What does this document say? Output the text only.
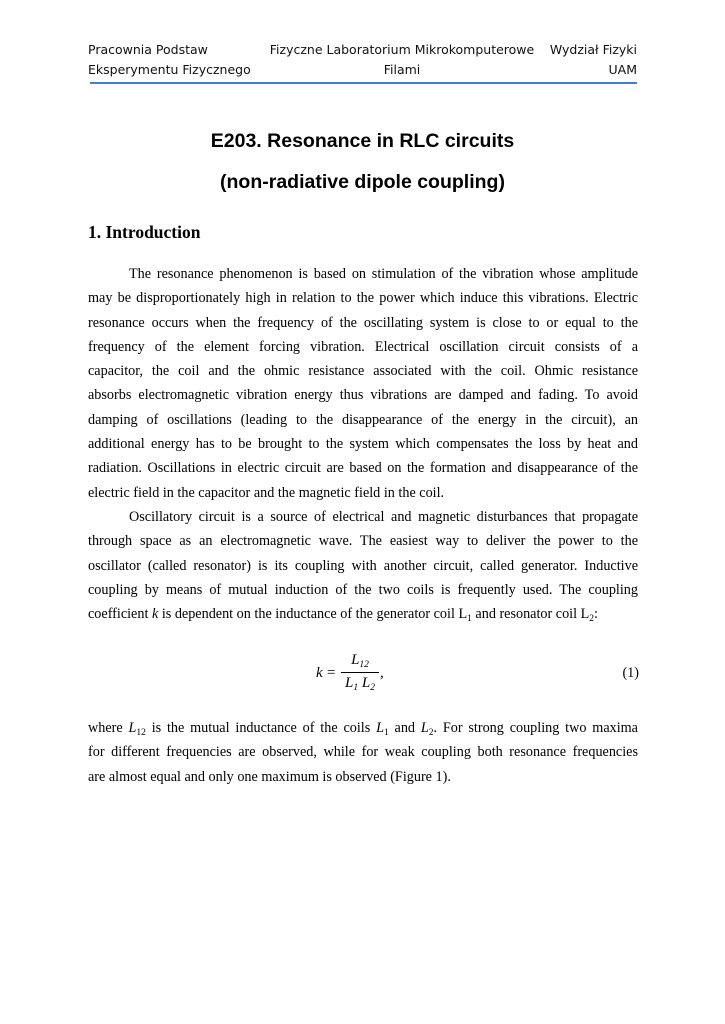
Pracownia Podstaw
Eksperymentu Fizycznego
Fizyczne Laboratorium Mikrokomputerowe
Filami
Wydział Fizyki
UAM
E203. Resonance in RLC circuits
(non-radiative dipole coupling)
1. Introduction
The resonance phenomenon is based on stimulation of the vibration whose amplitude
may be disproportionately high in relation to the power which induce this vibrations. Electric
resonance occurs when the frequency of the oscillating system is close to or equal to the
frequency of the element forcing vibration. Electrical oscillation circuit consists of a
capacitor, the coil and the ohmic resistance associated with the coil. Ohmic resistance
absorbs electromagnetic vibration energy thus vibrations are damped and fading. To avoid
damping of oscillations (leading to the disappearance of the energy in the circuit), an
additional energy has to be brought to the system which compensates the loss by heat and
radiation. Oscillations in electric circuit are based on the formation and disappearance of the
electric field in the capacitor and the magnetic field in the coil.
Oscillatory circuit is a source of electrical and magnetic disturbances that propagate
through space as an electromagnetic wave. The easiest way to deliver the power to the
oscillator (called resonator) is its coupling with another circuit, called generator. Inductive
coupling by means of mutual induction of the two coils is frequently used. The coupling
coefficient k is dependent on the inductance of the generator coil $L_1$ and resonator coil $L_2$:
k =
$L_{12}$
$L_1$ $L_2$
,	(1)
where $L_{12}$ is the mutual inductance of the coils $L_1$ and $L_2$. For strong coupling two maxima
for different frequencies are observed, while for weak coupling both resonance frequencies
are almost equal and only one maximum is observed (Figure 1).
